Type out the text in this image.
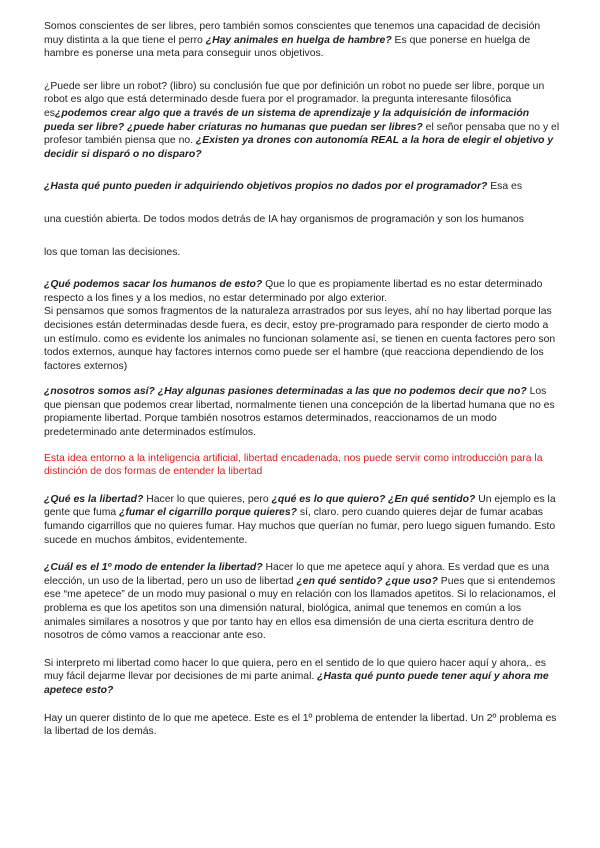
Somos conscientes de ser libres, pero también somos conscientes que tenemos una capacidad de decisión muy distinta a la que tiene el perro ¿Hay animales en huelga de hambre? Es que ponerse en huelga de hambre es ponerse una meta para conseguir unos objetivos.

¿Puede ser libre un robot? (libro) su conclusión fue que por definición un robot no puede ser libre, porque un robot es algo que está determinado desde fuera por el programador. la pregunta interesante filosófica es¿podemos crear algo que a través de un sistema de aprendizaje y la adquisición de información pueda ser libre? ¿puede haber criaturas no humanas que puedan ser libres? el señor pensaba que no y el profesor también piensa que no. ¿Existen ya drones con autonomía REAL a la hora de elegir el objetivo y decidir si disparó o no disparo?

¿Hasta qué punto pueden ir adquiriendo objetivos propios no dados por el programador? Esa es

una cuestión abierta. De todos modos detrás de IA hay organismos de programación y son los humanos

los que toman las decisiones.

¿Qué podemos sacar los humanos de esto? Que lo que es propiamente libertad es no estar determinado respecto a los fines y a los medios, no estar determinado por algo exterior.

Si pensamos que somos fragmentos de la naturaleza arrastrados por sus leyes, ahí no hay libertad porque las decisiones están determinadas desde fuera, es decir, estoy pre-programado para responder de cierto modo a un estímulo. como es evidente los animales no funcionan solamente así, se tienen en cuenta factores pero son todos externos, aunque hay factores internos como puede ser el hambre (que reacciona dependiendo de los factores externos)

¿nosotros somos así? ¿Hay algunas pasiones determinadas a las que no podemos decir que no? Los que piensan que podemos crear libertad, normalmente tienen una concepción de la libertad humana que no es propiamente libertad. Porque también nosotros estamos determinados, reaccionamos de un modo predeterminado ante determinados estímulos.

Esta idea entorno a la inteligencia artificial, libertad encadenada, nos puede servir como introducción para la distinción de dos formas de entender la libertad

¿Qué es la libertad? Hacer lo que quieres, pero ¿qué es lo que quiero? ¿En qué sentido? Un ejemplo es la gente que fuma ¿fumar el cigarrillo porque quieres? sí, claro. pero cuando quieres dejar de fumar acabas fumando cigarrillos que no quieres fumar. Hay muchos que querían no fumar, pero luego siguen fumando. Esto sucede en muchos ámbitos, evidentemente.

¿Cuál es el 1º modo de entender la libertad? Hacer lo que me apetece aquí y ahora. Es verdad que es una elección, un uso de la libertad, pero un uso de libertad ¿en qué sentido? ¿que uso? Pues que si entendemos ese “me apetece” de un modo muy pasional o muy en relación con los llamados apetitos. Si lo relacionamos, el problema es que los apetitos son una dimensión natural, biológica, animal que tenemos en común a los animales similares a nosotros y que por tanto hay en ellos esa dimensión de una cierta escritura dentro de nosotros de cómo vamos a reaccionar ante eso.

Si interpreto mi libertad como hacer lo que quiera, pero en el sentido de lo que quiero hacer aquí y ahora,. es muy fácil dejarme llevar por decisiones de mi parte animal. ¿Hasta qué punto puede tener aquí y ahora me apetece esto?

Hay un querer distinto de lo que me apetece. Este es el 1º problema de entender la libertad. Un 2º problema es la libertad de los demás.
